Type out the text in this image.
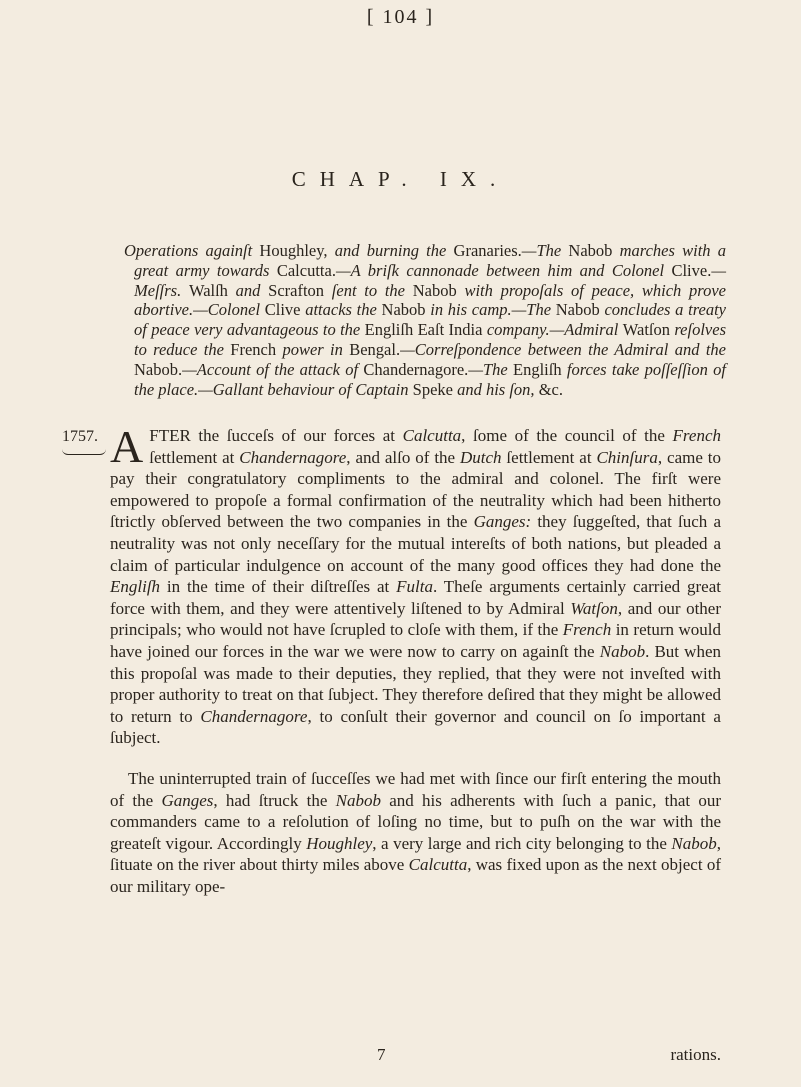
[ 104 ]
CHAP. IX.
Operations againſt Houghley, and burning the Granaries.—The Nabob marches with a great army towards Calcutta.—A briſk cannonade between him and Colonel Clive.—Meſſrs. Walſh and Scrafton ſent to the Nabob with propoſals of peace, which prove abortive.—Colonel Clive attacks the Nabob in his camp.—The Nabob concludes a treaty of peace very advantageous to the Engliſh Eaſt India company.—Admiral Watſon reſolves to reduce the French power in Bengal.—Correſpondence between the Admiral and the Nabob.—Account of the attack of Chandernagore.—The Engliſh forces take poſſeſſion of the place.—Gallant behaviour of Captain Speke and his ſon, &c.
1757. A FTER the ſucceſs of our forces at Calcutta, ſome of the council of the French ſettlement at Chandernagore, and alſo of the Dutch ſettlement at Chinſura, came to pay their congratulatory compliments to the admiral and colonel. The firſt were empowered to propoſe a formal confirmation of the neutrality which had been hitherto ſtrictly obſerved between the two companies in the Ganges: they ſuggeſted, that ſuch a neutrality was not only neceſſary for the mutual intereſts of both nations, but pleaded a claim of particular indulgence on account of the many good offices they had done the Engliſh in the time of their diſtreſſes at Fulta. Theſe arguments certainly carried great force with them, and they were attentively liſtened to by Admiral Watſon, and our other principals; who would not have ſcrupled to cloſe with them, if the French in return would have joined our forces in the war we were now to carry on againſt the Nabob. But when this propoſal was made to their deputies, they replied, that they were not inveſted with proper authority to treat on that ſubject. They therefore deſired that they might be allowed to return to Chandernagore, to conſult their governor and council on ſo important a ſubject.

The uninterrupted train of ſucceſſes we had met with ſince our firſt entering the mouth of the Ganges, had ſtruck the Nabob and his adherents with ſuch a panic, that our commanders came to a reſolution of loſing no time, but to puſh on the war with the greateſt vigour. Accordingly Houghley, a very large and rich city belonging to the Nabob, ſituate on the river about thirty miles above Calcutta, was fixed upon as the next object of our military ope-

7	rations.
